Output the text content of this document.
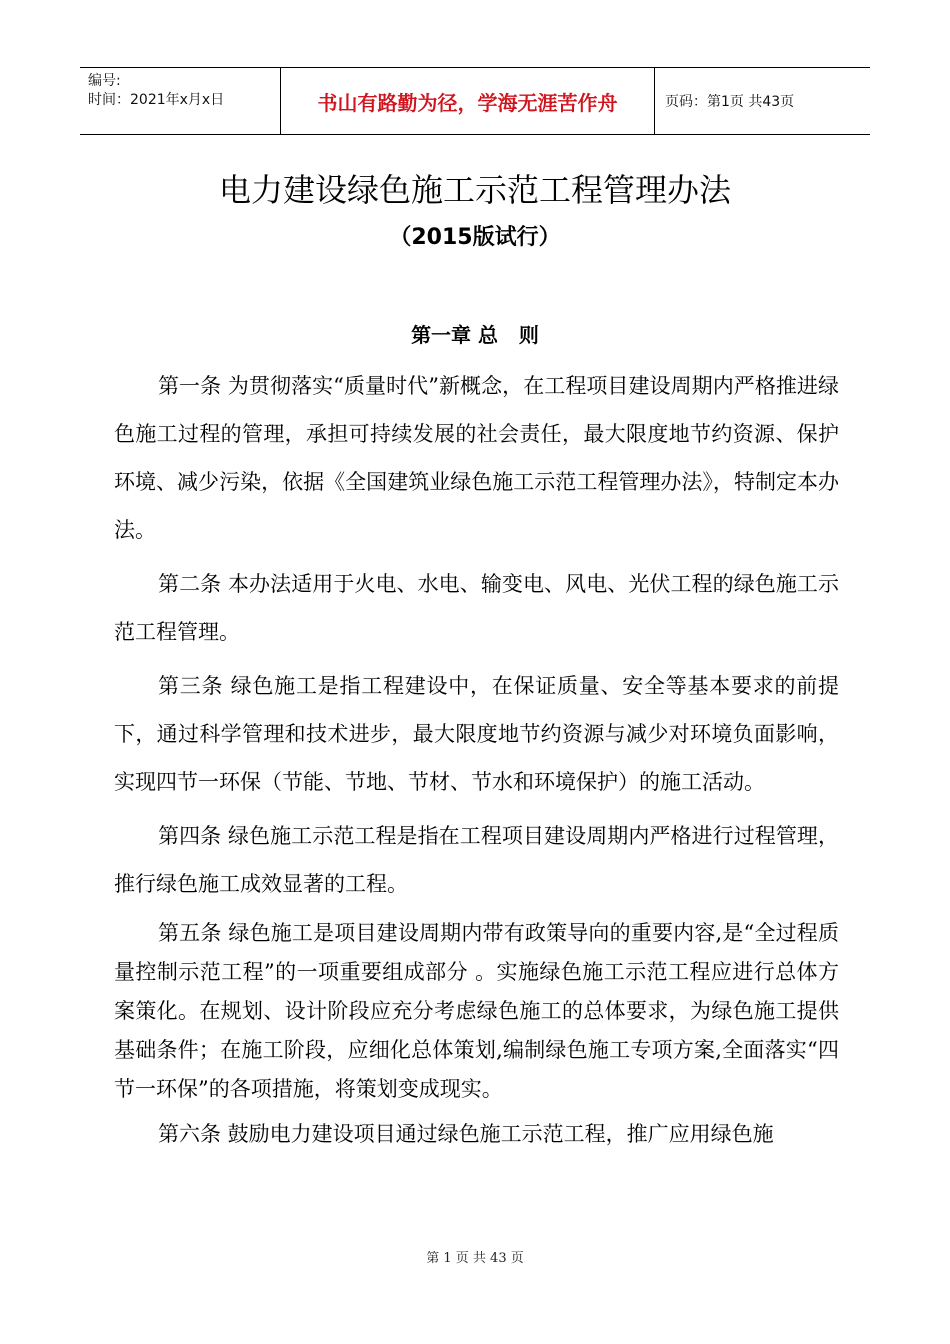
编号:
时间：2021年x月x日	书山有路勤为径，学海无涯苦作舟	页码：第1页 共43页
电力建设绿色施工示范工程管理办法
（2015版试行）
第一章 总   则

第一条 为贯彻落实“质量时代”新概念，在工程项目建设周期内严格推进绿色施工过程的管理，承担可持续发展的社会责任，最大限度地节约资源、保护环境、减少污染，依据《全国建筑业绿色施工示范工程管理办法》，特制定本办法。

第二条 本办法适用于火电、水电、输变电、风电、光伏工程的绿色施工示范工程管理。

第三条 绿色施工是指工程建设中，在保证质量、安全等基本要求的前提下，通过科学管理和技术进步，最大限度地节约资源与减少对环境负面影响，实现四节一环保（节能、节地、节材、节水和环境保护）的施工活动。

第四条 绿色施工示范工程是指在工程项目建设周期内严格进行过程管理，推行绿色施工成效显著的工程。

第五条 绿色施工是项目建设周期内带有政策导向的重要内容,是“全过程质量控制示范工程”的一项重要组成部分 。实施绿色施工示范工程应进行总体方案策化。在规划、设计阶段应充分考虑绿色施工的总体要求，为绿色施工提供基础条件；在施工阶段，应细化总体策划,编制绿色施工专项方案,全面落实“四节一环保”的各项措施，将策划变成现实。

第六条 鼓励电力建设项目通过绿色施工示范工程，推广应用绿色施

第 1 页 共 43 页
